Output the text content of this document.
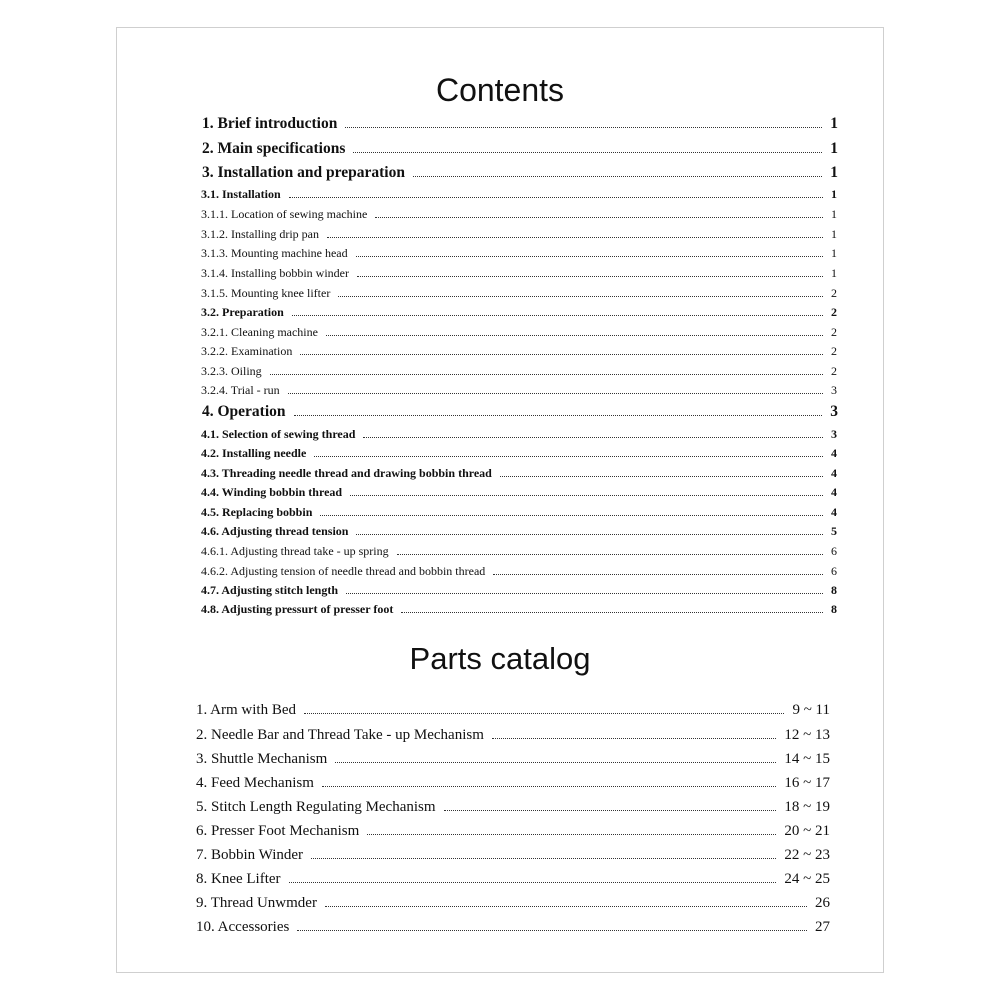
Contents
1. Brief introduction	1
2. Main specifications	1
3. Installation and preparation	1
3.1. Installation	1
3.1.1. Location of sewing machine	1
3.1.2. Installing drip pan	1
3.1.3. Mounting machine head	1
3.1.4. Installing bobbin winder	1
3.1.5. Mounting knee lifter	2
3.2. Preparation	2
3.2.1. Cleaning machine	2
3.2.2. Examination	2
3.2.3. Oiling	2
3.2.4. Trial - run	3
4. Operation	3
4.1. Selection of sewing thread	3
4.2. Installing needle	4
4.3. Threading needle thread and drawing bobbin thread	4
4.4. Winding bobbin thread	4
4.5. Replacing bobbin	4
4.6. Adjusting thread tension	5
4.6.1. Adjusting thread take - up spring	6
4.6.2. Adjusting tension of needle thread and bobbin thread	6
4.7. Adjusting stitch length	8
4.8. Adjusting pressurt of presser foot	8
Parts catalog
1. Arm with Bed	9 ~ 11
2. Needle Bar and Thread Take - up Mechanism	12 ~ 13
3. Shuttle Mechanism	14 ~ 15
4. Feed Mechanism	16 ~ 17
5. Stitch Length Regulating Mechanism	18 ~ 19
6. Presser Foot Mechanism	20 ~ 21
7. Bobbin Winder	22 ~ 23
8. Knee Lifter	24 ~ 25
9. Thread Unwmder	26
10. Accessories	27
